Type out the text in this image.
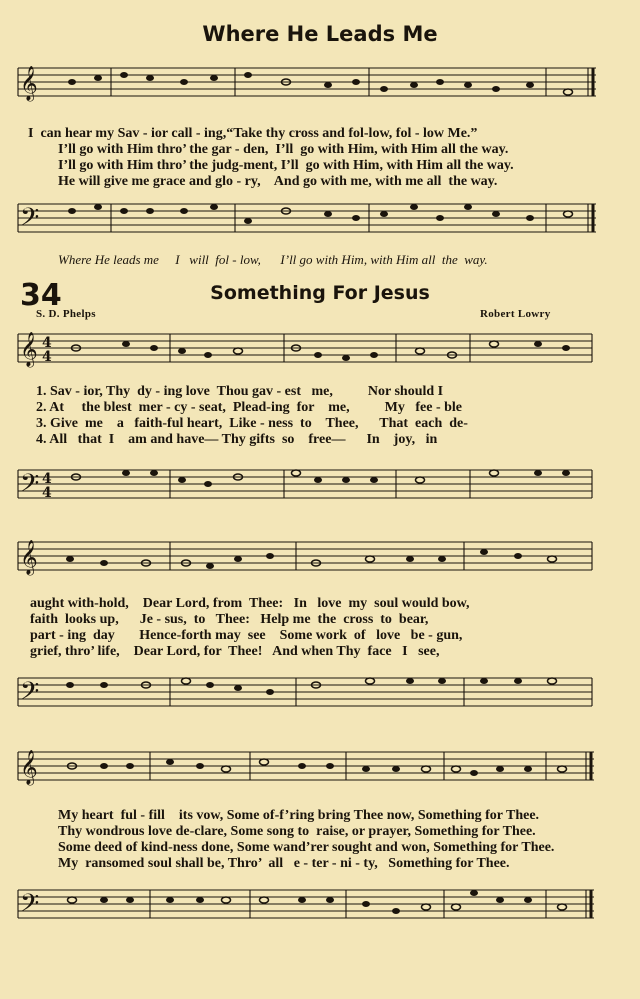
Where He Leads Me
𝄞
I  can hear my Sav - ior call - ing,“Take thy cross and fol-low, fol - low Me.”
I’ll go with Him thro’ the gar - den,  I’ll  go with Him, with Him all the way.
I’ll go with Him thro’ the judg-ment, I’ll  go with Him, with Him all the way.
He will give me grace and glo - ry,    And go with me, with me all  the way.
𝄢
Where He leads me     I   will  fol - low,      I’ll go with Him, with Him all  the  way.
34	Something For Jesus
S. D. Phelps	Robert Lowry
𝄞 4
4
1. Sav - ior, Thy  dy - ing love  Thou gav - est   me,          Nor should I
2. At     the blest  mer - cy - seat,  Plead-ing  for    me,          My   fee - ble
3. Give  me    a   faith-ful heart,  Like - ness  to    Thee,      That  each  de-
4. All   that  I    am and have— Thy gifts  so    free—      In    joy,   in
𝄢 4
4
𝄞
aught with-hold,    Dear Lord, from  Thee:   In   love  my  soul would bow,
faith  looks up,      Je - sus,  to   Thee:   Help me  the  cross  to  bear,
part - ing  day       Hence-forth may  see    Some work  of   love   be - gun,
grief, thro’ life,    Dear Lord, for  Thee!   And when Thy  face   I   see,
𝄢
𝄞
My heart  ful - fill    its vow, Some of-f’ring bring Thee now, Something for Thee.
Thy wondrous love de-clare, Some song to  raise, or prayer, Something for Thee.
Some deed of kind-ness done, Some wand’rer sought and won, Something for Thee.
My  ransomed soul shall be, Thro’  all   e - ter - ni - ty,   Something for Thee.
𝄢
